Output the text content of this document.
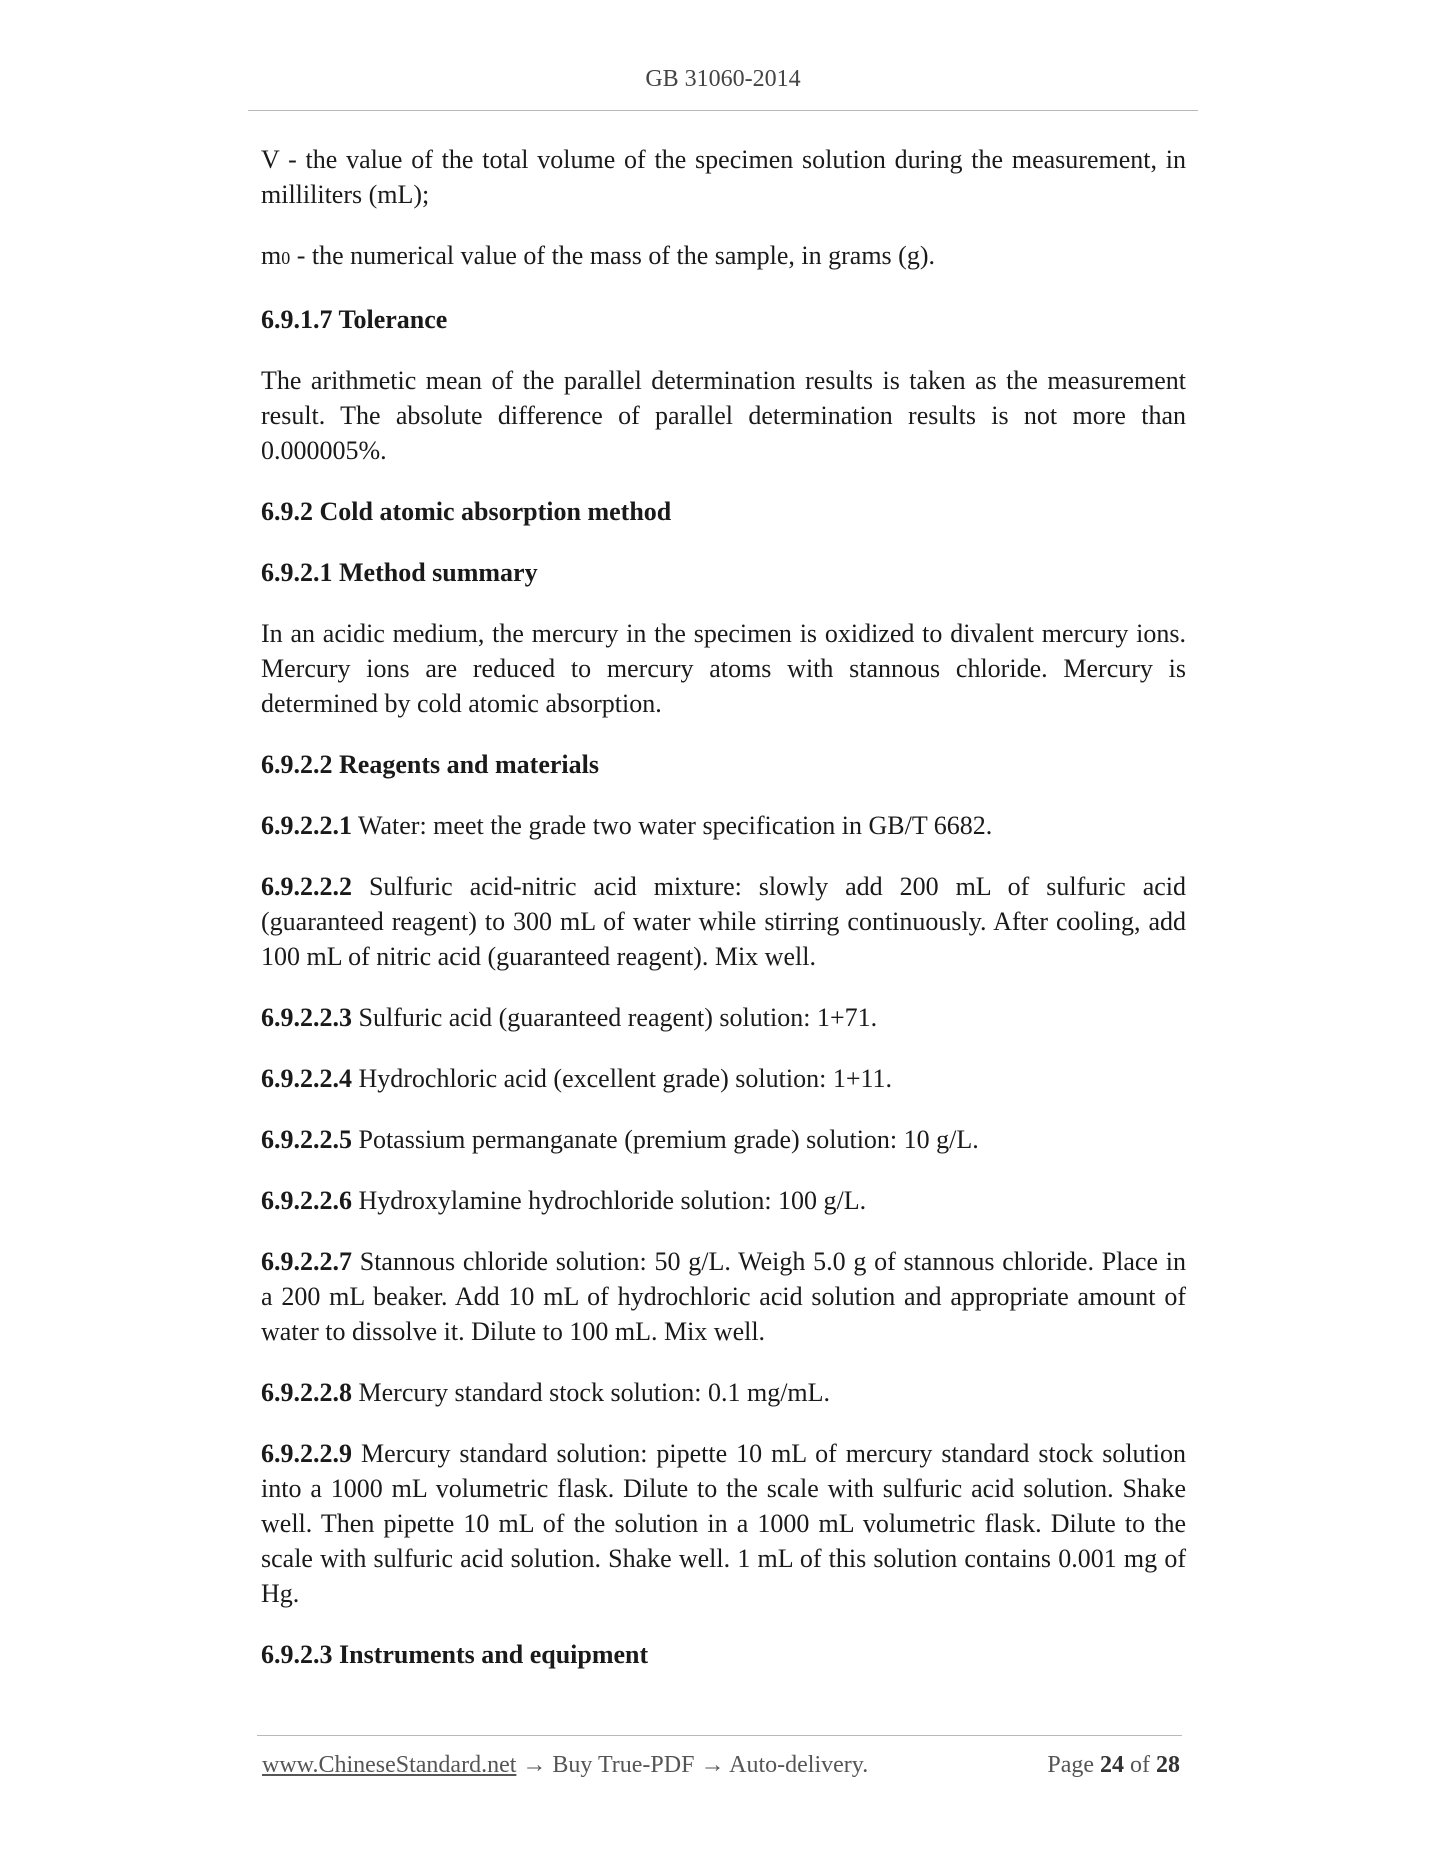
GB 31060-2014

V - the value of the total volume of the specimen solution during the measurement, in milliliters (mL);

m0 - the numerical value of the mass of the sample, in grams (g).

6.9.1.7 Tolerance

The arithmetic mean of the parallel determination results is taken as the measurement result. The absolute difference of parallel determination results is not more than 0.000005%.

6.9.2 Cold atomic absorption method

6.9.2.1 Method summary

In an acidic medium, the mercury in the specimen is oxidized to divalent mercury ions. Mercury ions are reduced to mercury atoms with stannous chloride. Mercury is determined by cold atomic absorption.

6.9.2.2 Reagents and materials

6.9.2.2.1 Water: meet the grade two water specification in GB/T 6682.

6.9.2.2.2 Sulfuric acid-nitric acid mixture: slowly add 200 mL of sulfuric acid (guaranteed reagent) to 300 mL of water while stirring continuously. After cooling, add 100 mL of nitric acid (guaranteed reagent). Mix well.

6.9.2.2.3 Sulfuric acid (guaranteed reagent) solution: 1+71.

6.9.2.2.4 Hydrochloric acid (excellent grade) solution: 1+11.

6.9.2.2.5 Potassium permanganate (premium grade) solution: 10 g/L.

6.9.2.2.6 Hydroxylamine hydrochloride solution: 100 g/L.

6.9.2.2.7 Stannous chloride solution: 50 g/L. Weigh 5.0 g of stannous chloride. Place in a 200 mL beaker. Add 10 mL of hydrochloric acid solution and appropriate amount of water to dissolve it. Dilute to 100 mL. Mix well.

6.9.2.2.8 Mercury standard stock solution: 0.1 mg/mL.

6.9.2.2.9 Mercury standard solution: pipette 10 mL of mercury standard stock solution into a 1000 mL volumetric flask. Dilute to the scale with sulfuric acid solution. Shake well. Then pipette 10 mL of the solution in a 1000 mL volumetric flask. Dilute to the scale with sulfuric acid solution. Shake well. 1 mL of this solution contains 0.001 mg of Hg.

6.9.2.3 Instruments and equipment

www.ChineseStandard.net → Buy True-PDF → Auto-delivery.	Page 24 of 28
